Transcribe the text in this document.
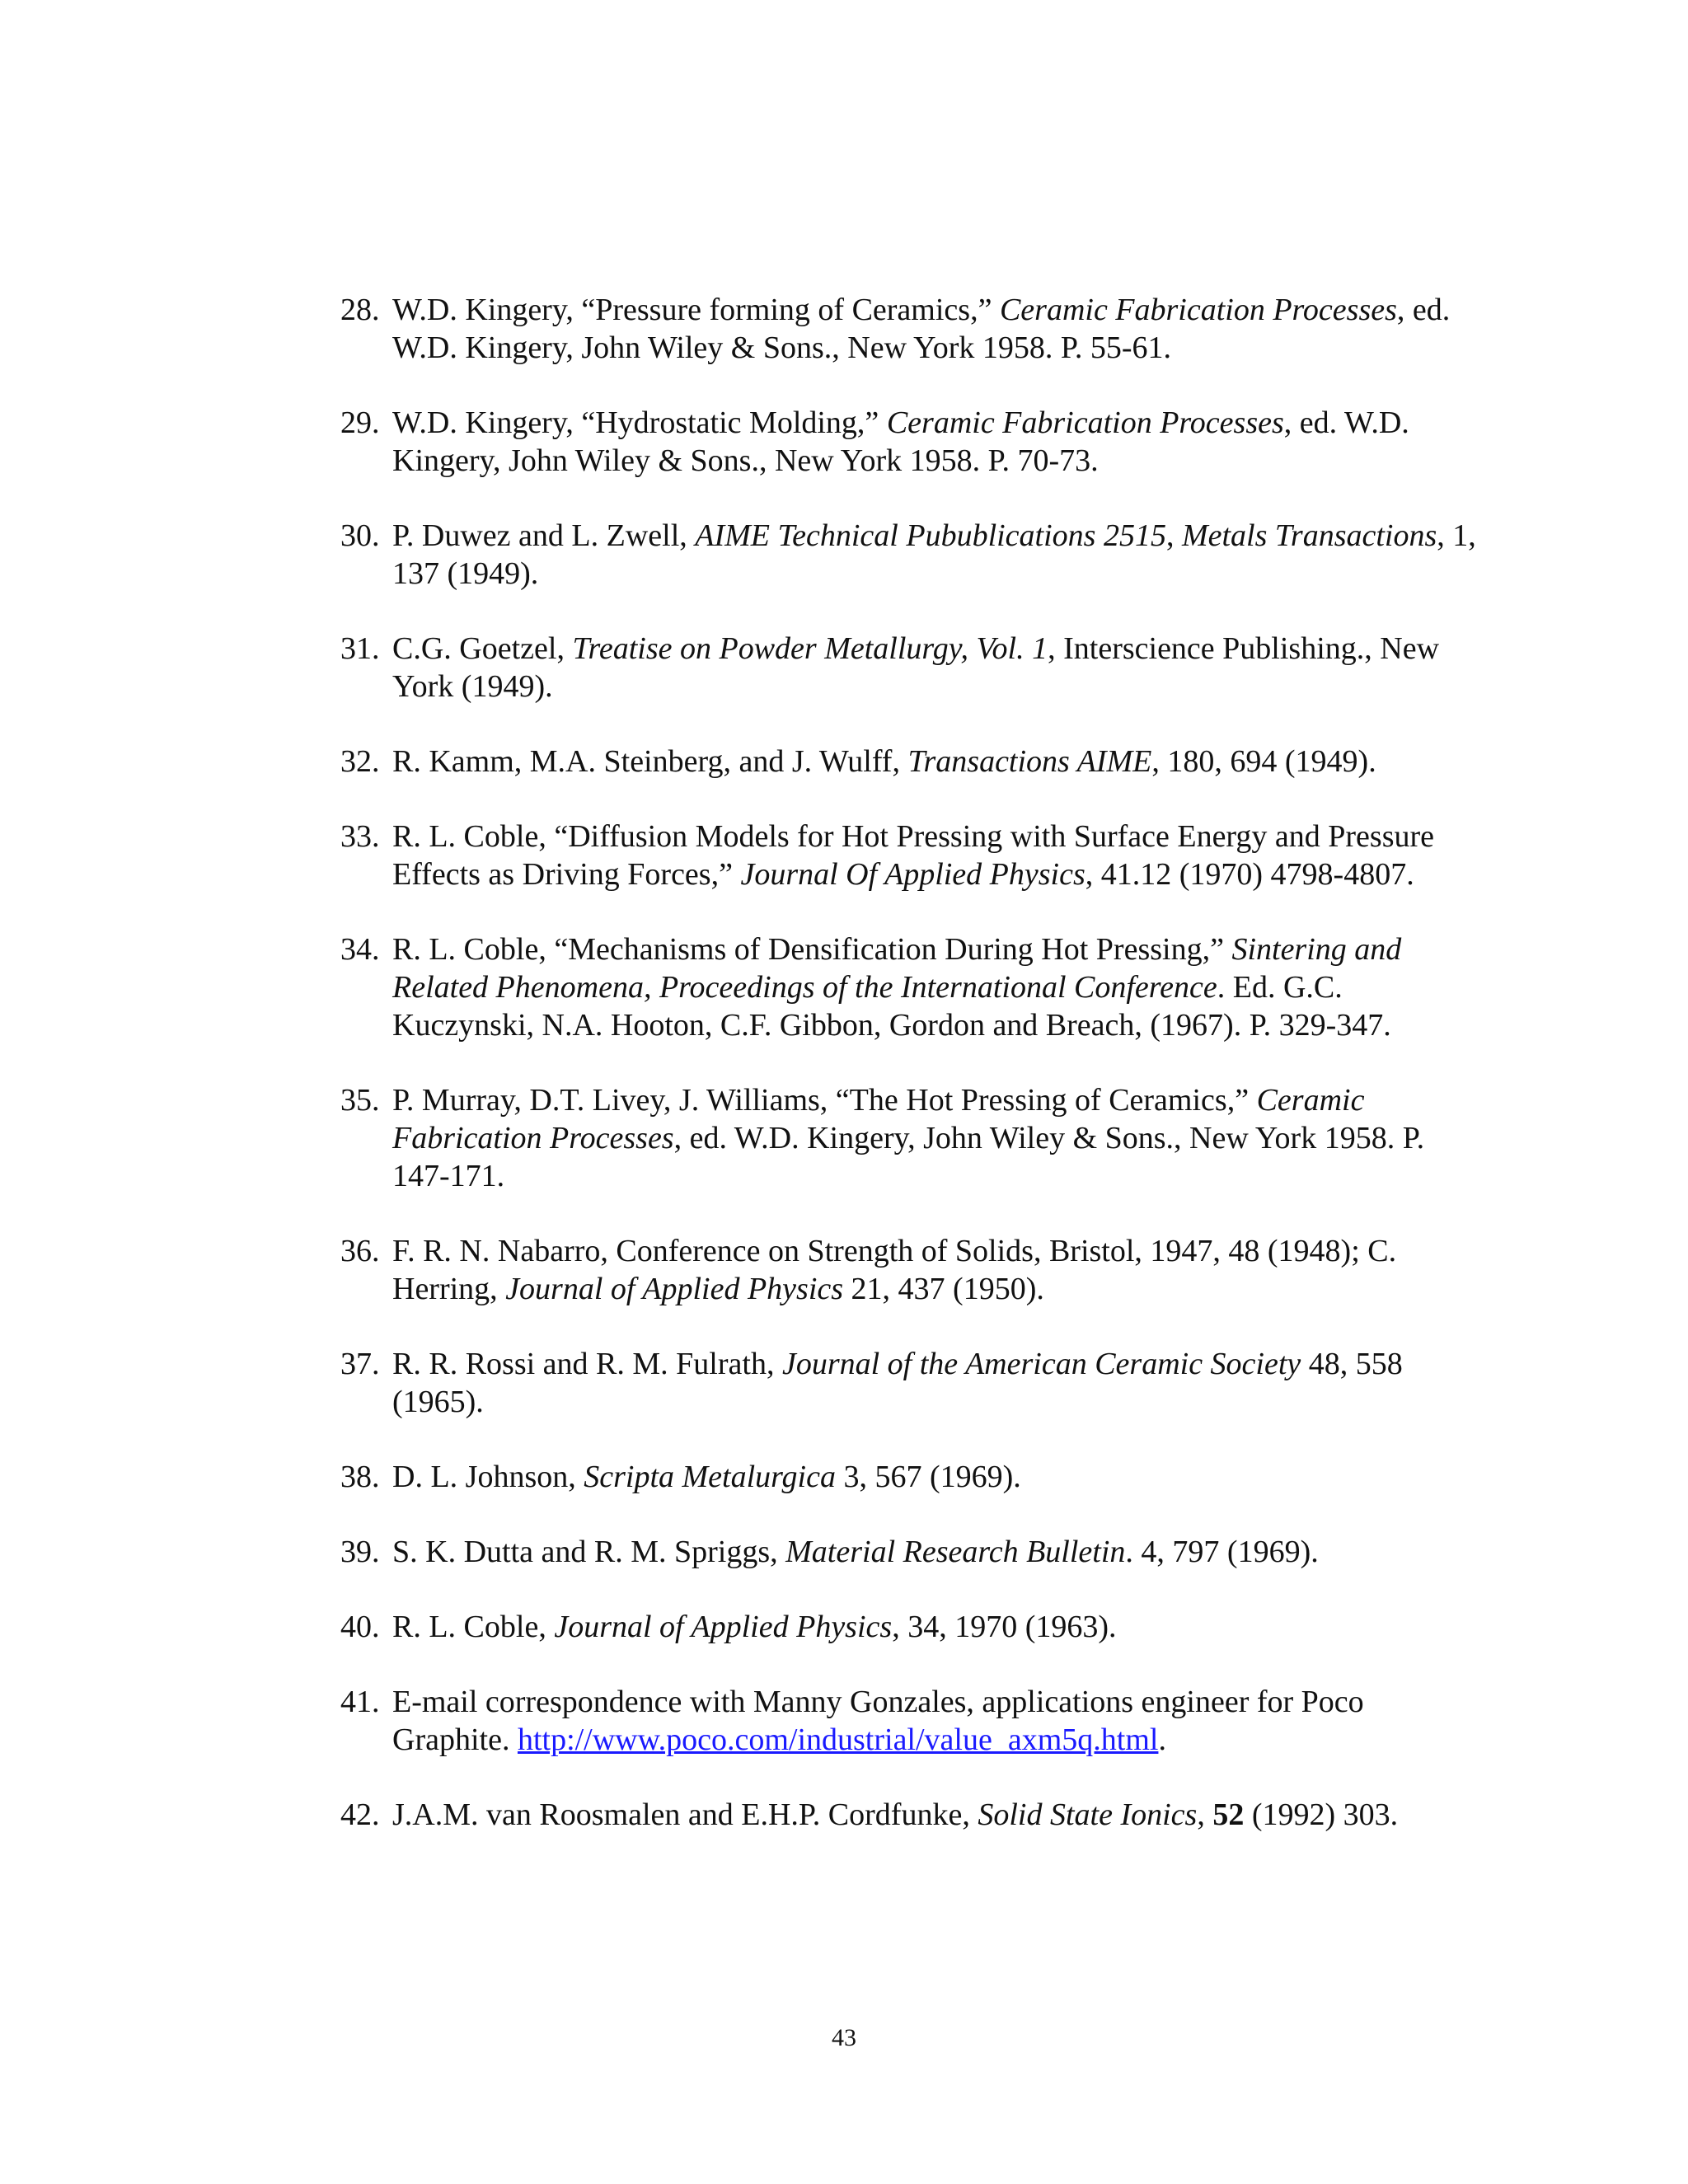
28. W.D. Kingery, “Pressure forming of Ceramics,” Ceramic Fabrication Processes, ed. W.D. Kingery, John Wiley & Sons., New York 1958. P. 55-61.
29. W.D. Kingery, “Hydrostatic Molding,” Ceramic Fabrication Processes, ed. W.D. Kingery, John Wiley & Sons., New York 1958. P. 70-73.
30. P. Duwez and L. Zwell, AIME Technical Pubublications 2515, Metals Transactions, 1, 137 (1949).
31. C.G. Goetzel, Treatise on Powder Metallurgy, Vol. 1, Interscience Publishing., New York (1949).
32. R. Kamm, M.A. Steinberg, and J. Wulff, Transactions AIME, 180, 694 (1949).
33. R. L. Coble, “Diffusion Models for Hot Pressing with Surface Energy and Pressure Effects as Driving Forces,” Journal Of Applied Physics, 41.12 (1970) 4798-4807.
34. R. L. Coble, “Mechanisms of Densification During Hot Pressing,” Sintering and Related Phenomena, Proceedings of the International Conference. Ed. G.C. Kuczynski, N.A. Hooton, C.F. Gibbon, Gordon and Breach, (1967). P. 329-347.
35. P. Murray, D.T. Livey, J. Williams, “The Hot Pressing of Ceramics,” Ceramic Fabrication Processes, ed. W.D. Kingery, John Wiley & Sons., New York 1958. P. 147-171.
36. F. R. N. Nabarro, Conference on Strength of Solids, Bristol, 1947, 48 (1948); C. Herring, Journal of Applied Physics 21, 437 (1950).
37. R. R. Rossi and R. M. Fulrath, Journal of the American Ceramic Society 48, 558 (1965).
38. D. L. Johnson, Scripta Metalurgica 3, 567 (1969).
39. S. K. Dutta and R. M. Spriggs, Material Research Bulletin. 4, 797 (1969).
40. R. L. Coble, Journal of Applied Physics, 34, 1970 (1963).
41. E-mail correspondence with Manny Gonzales, applications engineer for Poco Graphite. http://www.poco.com/industrial/value_axm5q.html.
42. J.A.M. van Roosmalen and E.H.P. Cordfunke, Solid State Ionics, 52 (1992) 303.
43
